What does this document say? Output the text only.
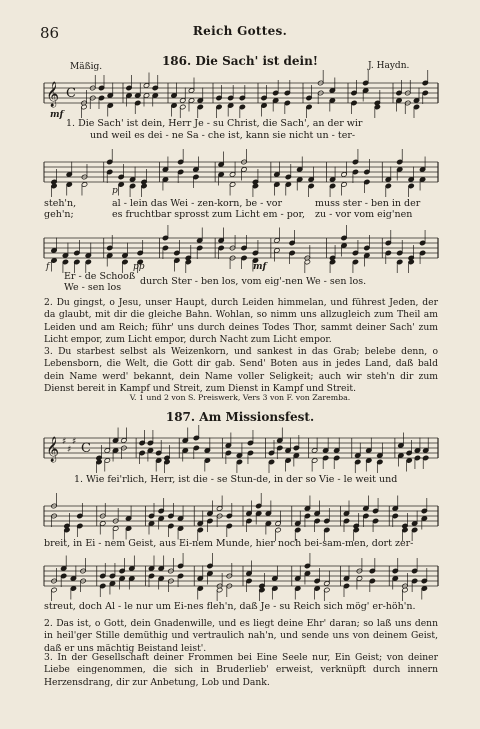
86	Reich Gottes.
186. Die Sach' ist dein!
Mäßig.	J. Haydn.
𝄞 C
mf
1. Die Sach' ist dein, Herr Je - su Christ, die Sach', an der wir
und weil es dei - ne Sa - che ist, kann sie nicht un - ter-
p
steh'n,
geh'n;
al - lein das Wei - zen-korn, be - vor
es fruchtbar sprosst zum Licht em - por,
muss ster - ben in der
zu - vor vom eig'nen
f	pp	mf
Er - de Schooß
We - sen los
durch Ster - ben los, vom eig'-nen We - sen los.
2. Du gingst, o Jesu, unser Haupt, durch Leiden himmelan, und führest Jeden, der da glaubt, mit dir die gleiche Bahn. Wohlan, so nimm uns allzugleich zum Theil am Leiden und am Reich; führ' uns durch deines Todes Thor, sammt deiner Sach' zum Licht empor, zum Licht empor, durch Nacht zum Licht empor.
3. Du starbest selbst als Weizenkorn, und sankest in das Grab; belebe denn, o Lebensborn, die Welt, die Gott dir gab. Send' Boten aus in jedes Land, daß bald dein Name werd' bekannt, dein Name voller Seligkeit; auch wir steh'n dir zum Dienst bereit in Kampf und Streit, zum Dienst in Kampf und Streit.
V. 1 und 2 von S. Preiswerk, Vers 3 von F. von Zaremba.
187. Am Missionsfest.
𝄞 ♯
♯
♯ C
1. Wie fei'rlich, Herr, ist die - se Stun-de, in der so Vie - le weit und
breit, in Ei - nem Geist, aus Ei-nem Munde, hier noch bei-sam-men, dort zer-
streut, doch Al - le nur um Ei-nes fleh'n, daß Je - su Reich sich mög' er-höh'n.
2. Das ist, o Gott, dein Gnadenwille, und es liegt deine Ehr' daran; so laß uns denn in heil'ger Stille demüthig und vertraulich nah'n, und sende uns von deinem Geist, daß er uns mächtig Beistand leist'.
3. In der Gesellschaft deiner Frommen bei Eine Seele nur, Ein Geist; von deiner Liebe eingenommen, die sich in Bruderlieb' erweist, verknüpft durch innern Herzensdrang, dir zur Anbetung, Lob und Dank.
